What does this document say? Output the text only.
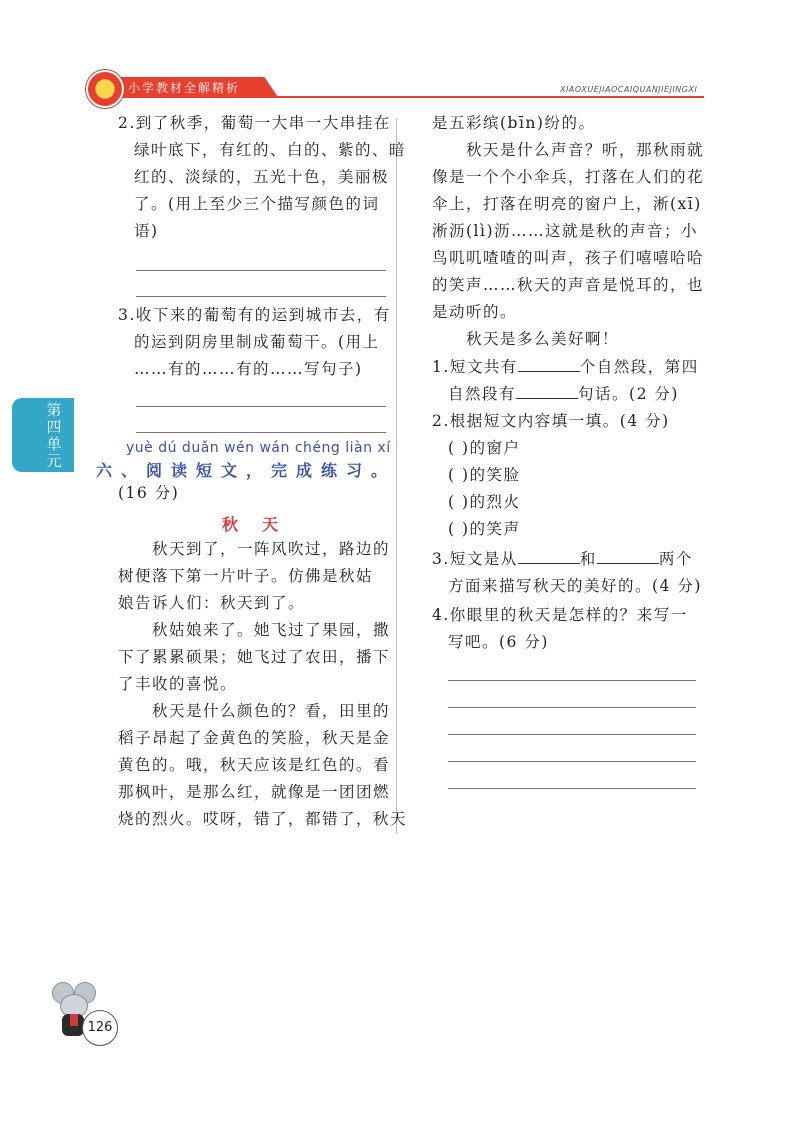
小学教材全解精析	XIAOXUEJIAOCAIQUANJIEJINGXI
第四单元
2.到了秋季，葡萄一大串一大串挂在
绿叶底下，有红的、白的、紫的、暗
红的、淡绿的，五光十色，美丽极
了。(用上至少三个描写颜色的词
语)
3.收下来的葡萄有的运到城市去，有
的运到阴房里制成葡萄干。(用上
……有的……有的……写句子)
yuè dú duǎn wén wán chéng liàn xí
六、阅读短文，完成练习。
(16 分)
秋天
秋天到了，一阵风吹过，路边的
树便落下第一片叶子。仿佛是秋姑
娘告诉人们：秋天到了。
秋姑娘来了。她飞过了果园，撒
下了累累硕果；她飞过了农田，播下
了丰收的喜悦。
秋天是什么颜色的？看，田里的
稻子昂起了金黄色的笑脸，秋天是金
黄色的。哦，秋天应该是红色的。看
那枫叶，是那么红，就像是一团团燃
烧的烈火。哎呀，错了，都错了，秋天
是五彩缤(bīn)纷的。
秋天是什么声音？听，那秋雨就
像是一个个小伞兵，打落在人们的花
伞上，打落在明亮的窗户上，淅(xī)
淅沥(lì)沥……这就是秋的声音；小
鸟叽叽喳喳的叫声，孩子们嘻嘻哈哈
的笑声……秋天的声音是悦耳的，也
是动听的。
秋天是多么美好啊！
1.短文共有	个自然段，第四
自然段有	句话。(2 分)
2.根据短文内容填一填。(4 分)
( )的窗户
( )的笑脸
( )的烈火
( )的笑声
3.短文是从	和	两个
方面来描写秋天的美好的。(4 分)
4.你眼里的秋天是怎样的？来写一
写吧。(6 分)
126
